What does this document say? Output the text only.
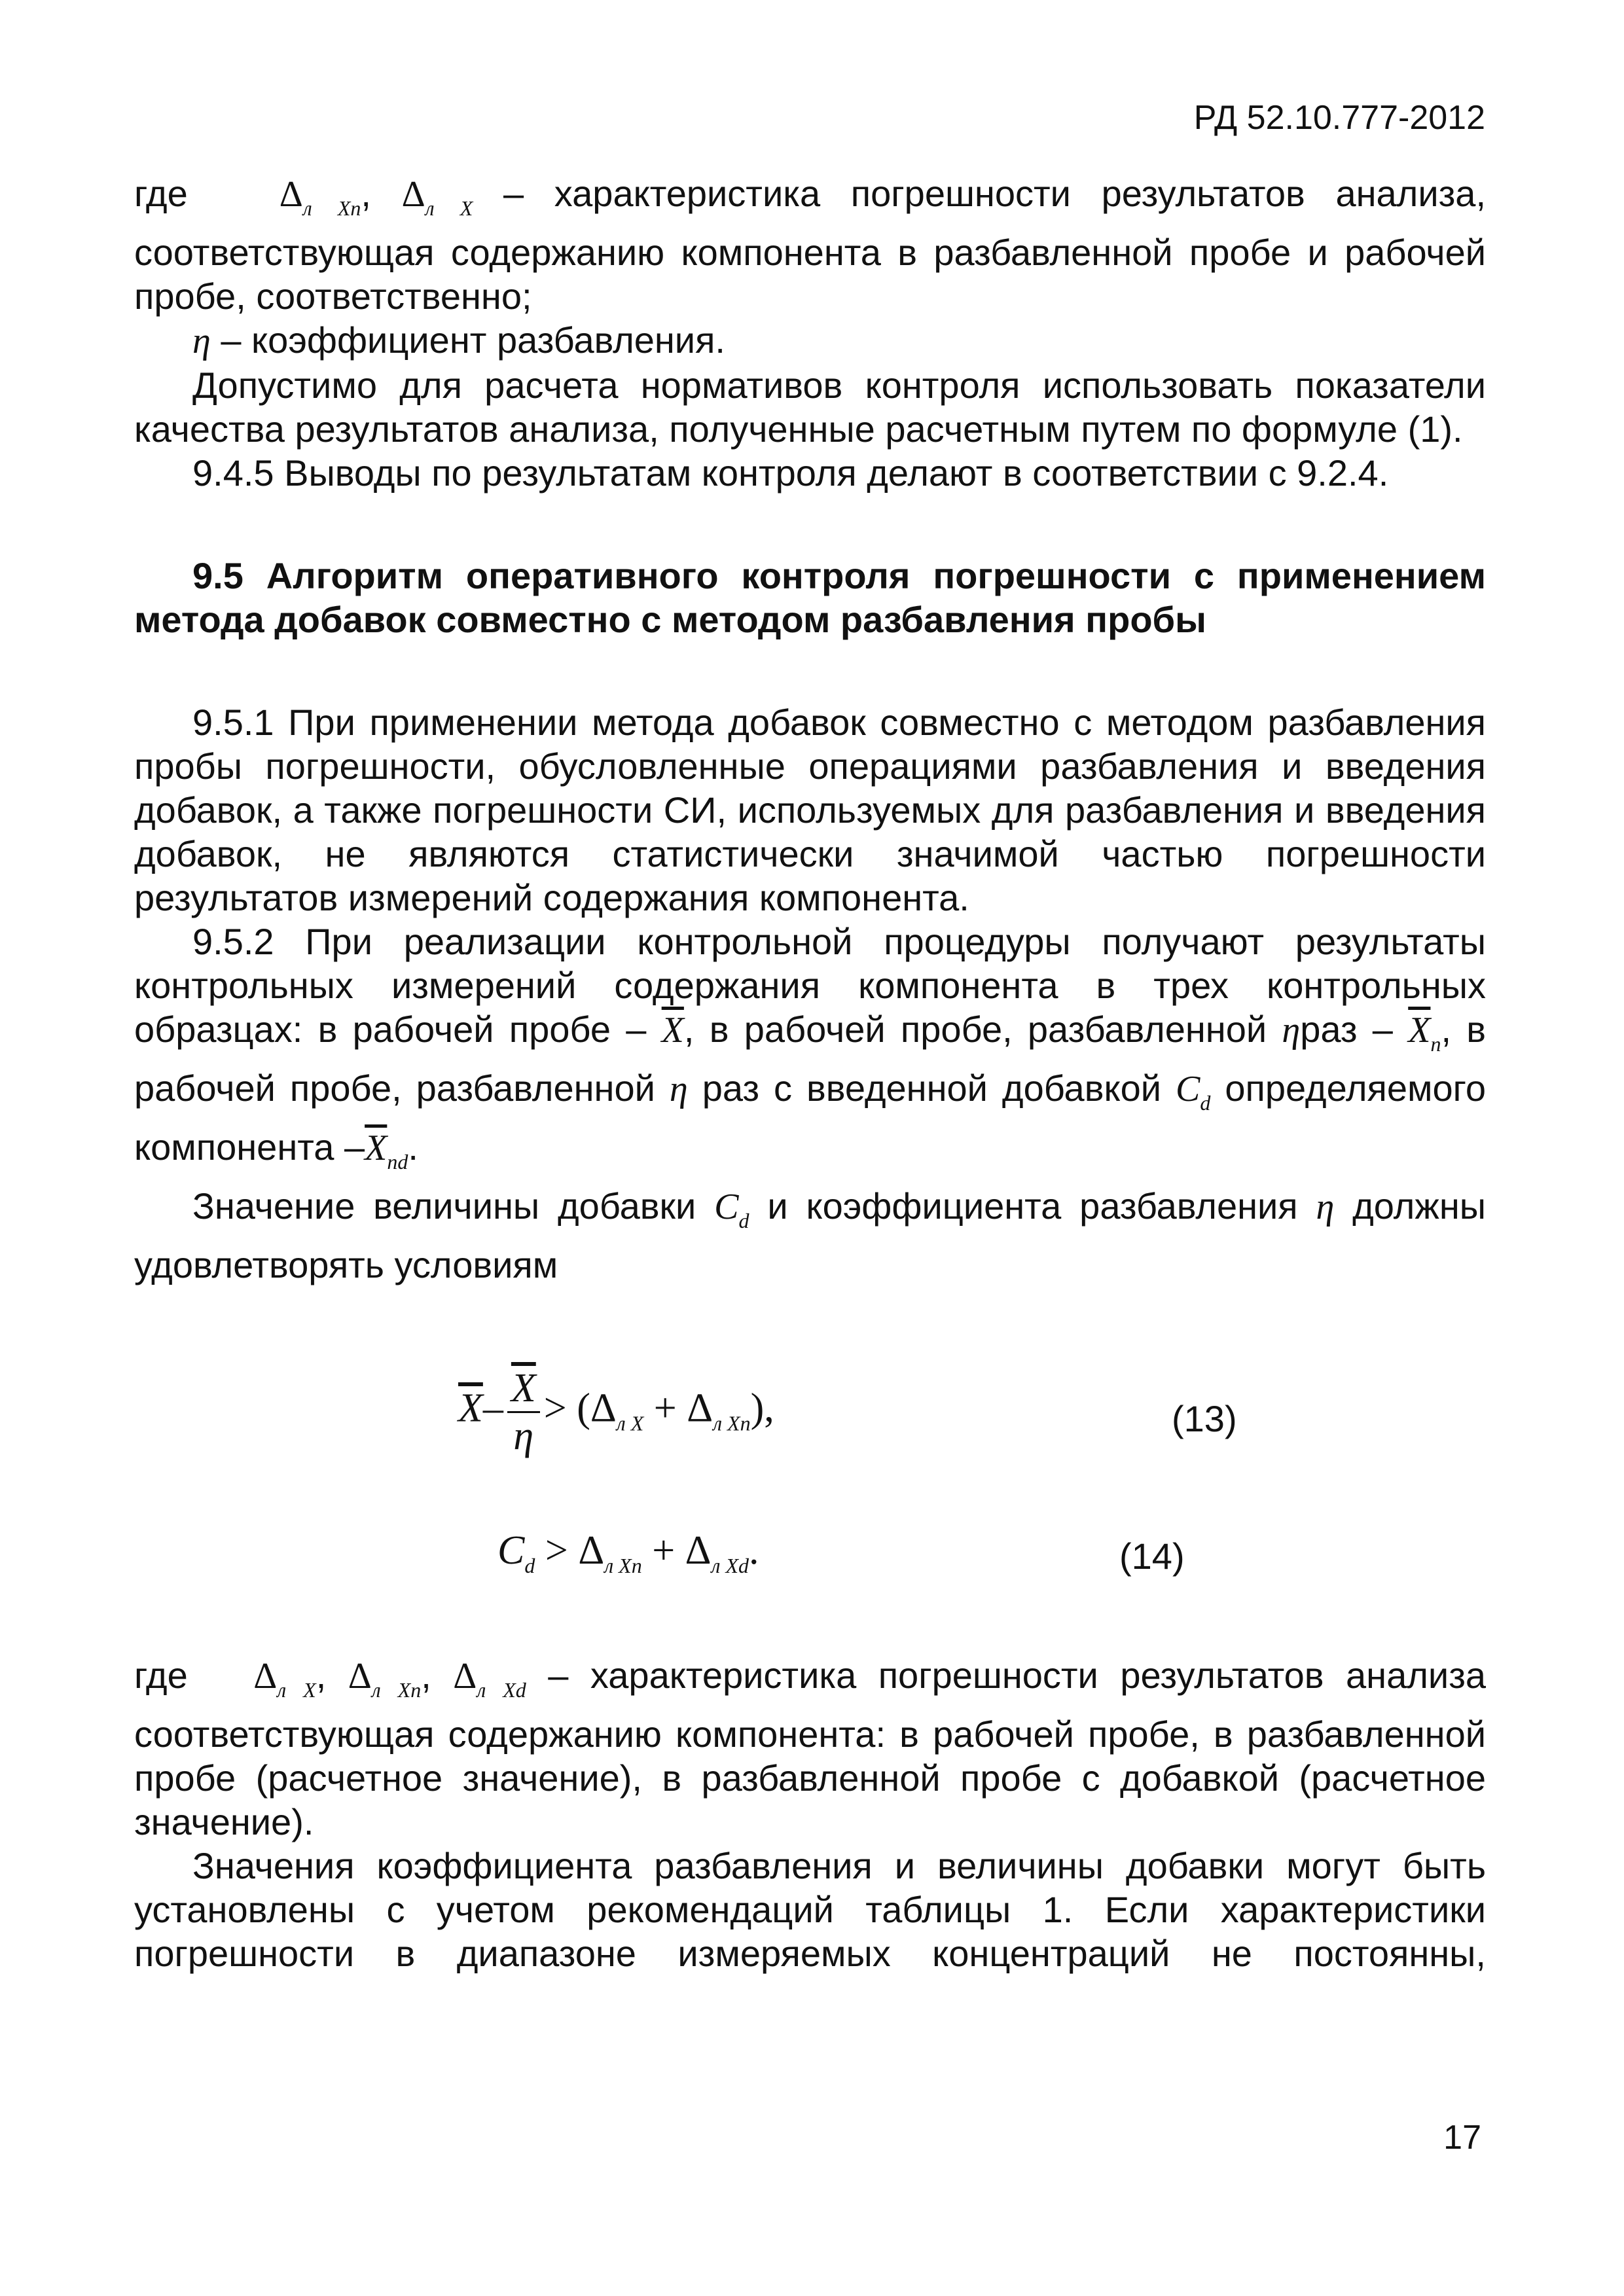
РД 52.10.777-2012

где	$\Delta_{л Xn}$, $\Delta_{л X}$ – характеристика погрешности результатов анализа, соответствующая содержанию компонента в разбавленной пробе и рабочей пробе, соответственно;

η – коэффициент разбавления.

Допустимо для расчета нормативов контроля использовать показатели качества результатов анализа, полученные расчетным путем по формуле (1).

9.4.5 Выводы по результатам контроля делают в соответствии с 9.2.4.

9.5 Алгоритм оперативного контроля погрешности с применением метода добавок совместно с методом разбавления пробы

9.5.1 При применении метода добавок совместно с методом разбавления пробы погрешности, обусловленные операциями разбавления и введения добавок, а также погрешности СИ, используемых для разбавления и введения добавок, не являются статистически значимой частью погрешности результатов измерений содержания компонента.

9.5.2 При реализации контрольной процедуры получают результаты контрольных измерений содержания компонента в трех контрольных образцах: в рабочей пробе – $\overline{X}$, в рабочей пробе, разбавленной ηраз – $\overline{X}_n$, в рабочей пробе, разбавленной η раз с введенной добавкой $C_d$ определяемого компонента $-\overline{X}_{nd}$.

Значение величины добавки $C_d$ и коэффициента разбавления η должны удовлетворять условиям

$\overline{X}- \frac{\overline{X}}{\eta} > (\Delta_{л X} + \Delta_{л Xn})$,	(13)
$C_d > \Delta_{л Xn} + \Delta_{л Xd}$.	(14)

где $\Delta_{л X}$, $\Delta_{л Xn}$, $\Delta_{л Xd}$ – характеристика погрешности результатов анализа соответствующая содержанию компонента: в рабочей пробе, в разбавленной пробе (расчетное значение), в разбавленной пробе с добавкой (расчетное значение).

Значения коэффициента разбавления и величины добавки могут быть установлены с учетом рекомендаций таблицы 1. Если характеристики погрешности в диапазоне измеряемых концентраций не постоянны,

17
